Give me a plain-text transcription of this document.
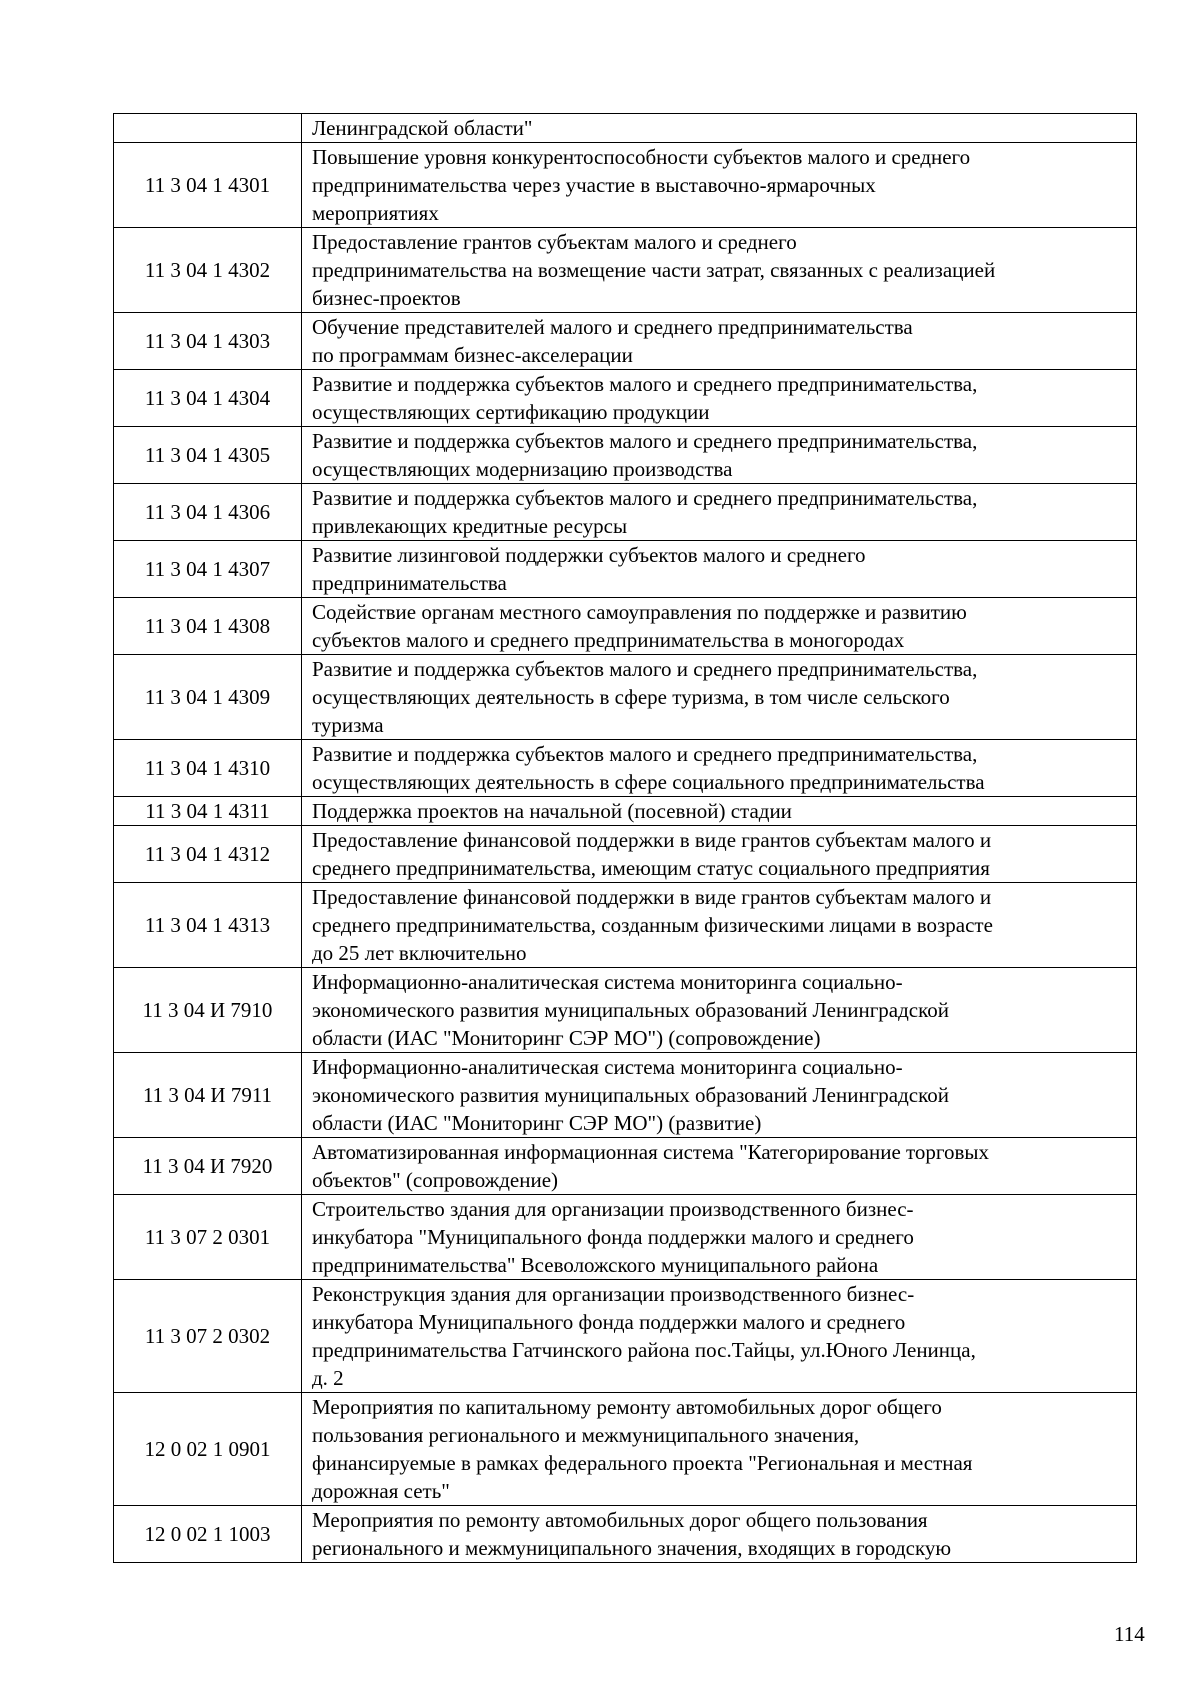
	Ленинградской области"

11 3 04 1 4301	Повышение уровня конкурентоспособности субъектов малого и среднего
предпринимательства через участие в выставочно-ярмарочных
мероприятиях

11 3 04 1 4302	Предоставление грантов субъектам малого и среднего
предпринимательства на возмещение части затрат, связанных с реализацией
бизнес-проектов

11 3 04 1 4303	Обучение представителей малого и среднего предпринимательства
по программам бизнес-акселерации

11 3 04 1 4304	Развитие и поддержка субъектов малого и среднего предпринимательства,
осуществляющих сертификацию продукции

11 3 04 1 4305	Развитие и поддержка субъектов малого и среднего предпринимательства,
осуществляющих модернизацию производства

11 3 04 1 4306	Развитие и поддержка субъектов малого и среднего предпринимательства,
привлекающих кредитные ресурсы

11 3 04 1 4307	Развитие лизинговой поддержки субъектов малого и среднего
предпринимательства

11 3 04 1 4308	Содействие органам местного самоуправления по поддержке и развитию
субъектов малого и среднего предпринимательства в моногородах

11 3 04 1 4309	Развитие и поддержка субъектов малого и среднего предпринимательства,
осуществляющих деятельность в сфере туризма, в том числе сельского
туризма

11 3 04 1 4310	Развитие и поддержка субъектов малого и среднего предпринимательства,
осуществляющих деятельность в сфере социального предпринимательства

11 3 04 1 4311	Поддержка проектов на начальной (посевной) стадии

11 3 04 1 4312	Предоставление финансовой поддержки в виде грантов субъектам малого и
среднего предпринимательства, имеющим статус социального предприятия

11 3 04 1 4313	Предоставление финансовой поддержки в виде грантов субъектам малого и
среднего предпринимательства, созданным физическими лицами в возрасте
до 25 лет включительно

11 3 04 И 7910	Информационно-аналитическая система мониторинга социально-
экономического развития муниципальных образований Ленинградской
области (ИАС "Мониторинг СЭР МО") (сопровождение)

11 3 04 И 7911	Информационно-аналитическая система мониторинга социально-
экономического развития муниципальных образований Ленинградской
области (ИАС "Мониторинг СЭР МО") (развитие)

11 3 04 И 7920	Автоматизированная информационная система "Категорирование торговых
объектов" (сопровождение)

11 3 07 2 0301	Строительство здания для организации производственного бизнес-
инкубатора "Муниципального фонда поддержки малого и среднего
предпринимательства" Всеволожского муниципального района

11 3 07 2 0302	Реконструкция здания для организации производственного бизнес-
инкубатора Муниципального фонда поддержки малого и среднего
предпринимательства Гатчинского района пос.Тайцы, ул.Юного Ленинца,
д. 2

12 0 02 1 0901	Мероприятия по капитальному ремонту автомобильных дорог общего
пользования регионального и межмуниципального значения,
финансируемые в рамках федерального проекта "Региональная и местная
дорожная сеть"

12 0 02 1 1003	Мероприятия по ремонту автомобильных дорог общего пользования
регионального и межмуниципального значения, входящих в городскую
114
